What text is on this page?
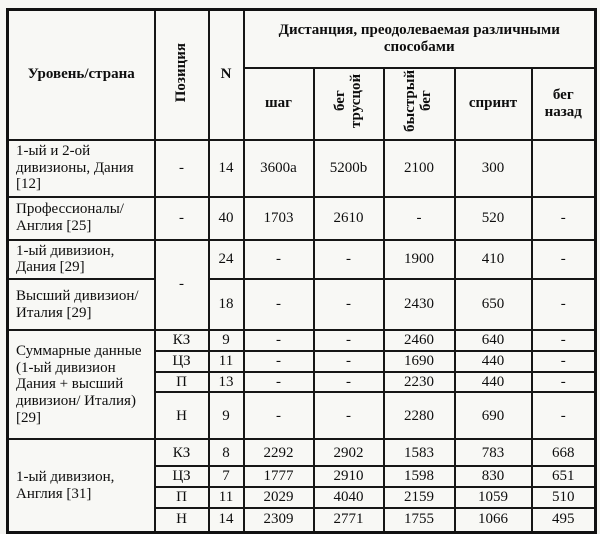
Уровень/страна	Позиция	N	Дистанция, преодолеваемая различными способами				
			шаг	бег трусцой	быстрый бег	спринт	бег назад
1-ый и 2-ой дивизионы, Дания [12]	-	14	3600a	5200b	2100	300	
Профессионалы/ Англия [25]	-	40	1703	2610	-	520	-
1-ый дивизион, Дания [29]	-	24	-	-	1900	410	-
Высший дивизион/ Италия [29]		18	-	-	2430	650	-
Суммарные данные (1-ый дивизион Дания + высший дивизион/ Италия) [29]	КЗ	9	-	-	2460	640	-
	ЦЗ	11	-	-	1690	440	-
	П	13	-	-	2230	440	-
	Н	9	-	-	2280	690	-
1-ый дивизион, Англия [31]	КЗ	8	2292	2902	1583	783	668
	ЦЗ	7	1777	2910	1598	830	651
	П	11	2029	4040	2159	1059	510
	Н	14	2309	2771	1755	1066	495
